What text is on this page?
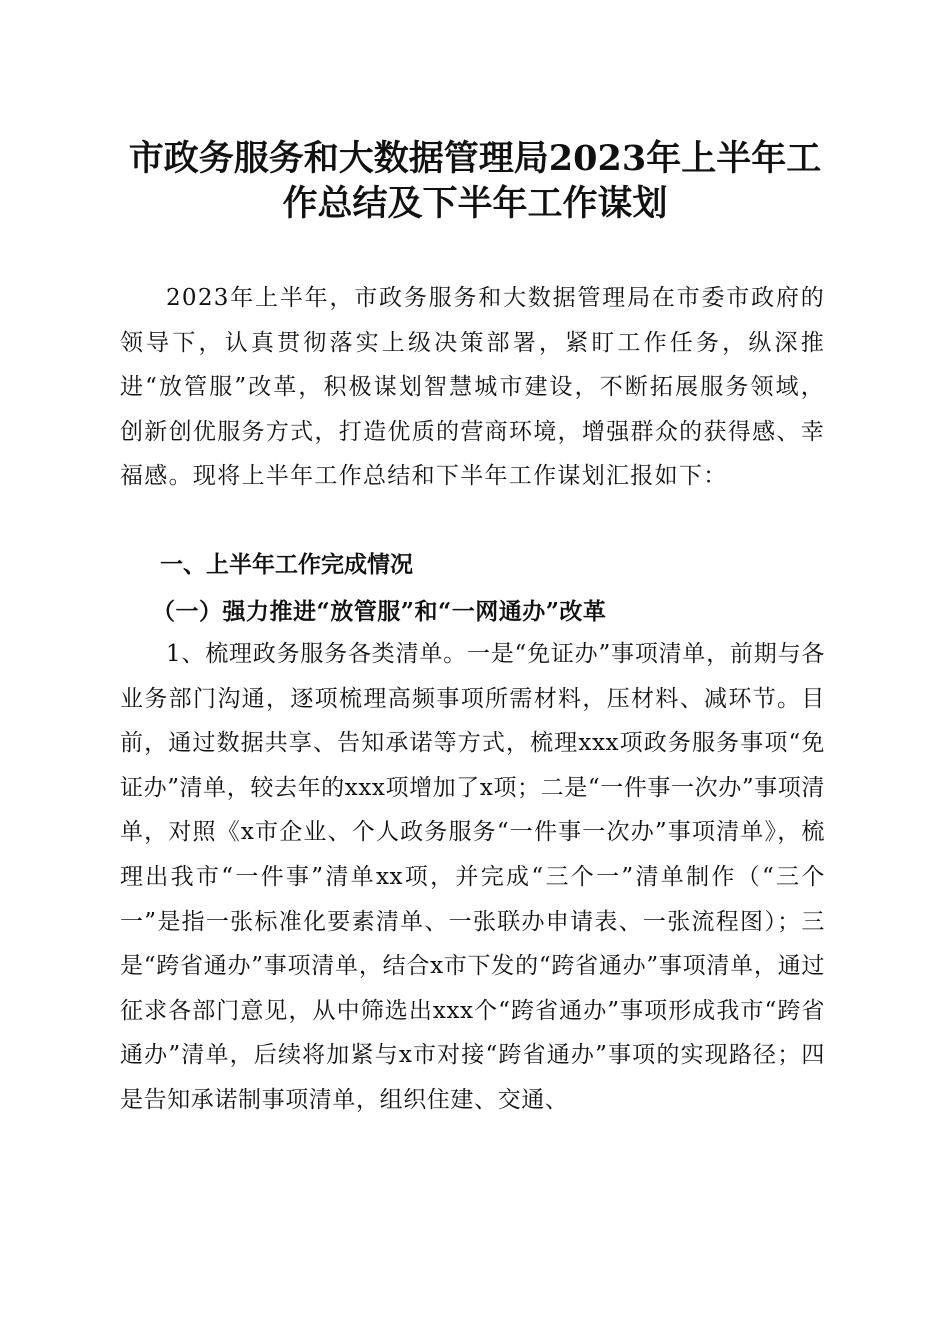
市政务服务和大数据管理局2023年上半年工作总结及下半年工作谋划

2023年上半年，市政务服务和大数据管理局在市委市政府的领导下，认真贯彻落实上级决策部署，紧盯工作任务，纵深推进“放管服”改革，积极谋划智慧城市建设，不断拓展服务领域，创新创优服务方式，打造优质的营商环境，增强群众的获得感、幸福感。现将上半年工作总结和下半年工作谋划汇报如下：

一、上半年工作完成情况
（一）强力推进“放管服”和“一网通办”改革

1、梳理政务服务各类清单。一是“免证办”事项清单，前期与各业务部门沟通，逐项梳理高频事项所需材料，压材料、减环节。目前，通过数据共享、告知承诺等方式，梳理xxx项政务服务事项“免证办”清单，较去年的xxx项增加了x项；二是“一件事一次办”事项清单，对照《x市企业、个人政务服务“一件事一次办”事项清单》，梳理出我市“一件事”清单xx项，并完成“三个一”清单制作（“三个一”是指一张标准化要素清单、一张联办申请表、一张流程图）；三是“跨省通办”事项清单，结合x市下发的“跨省通办”事项清单，通过征求各部门意见，从中筛选出xxx个“跨省通办”事项形成我市“跨省通办”清单，后续将加紧与x市对接“跨省通办”事项的实现路径；四是告知承诺制事项清单，组织住建、交通、
